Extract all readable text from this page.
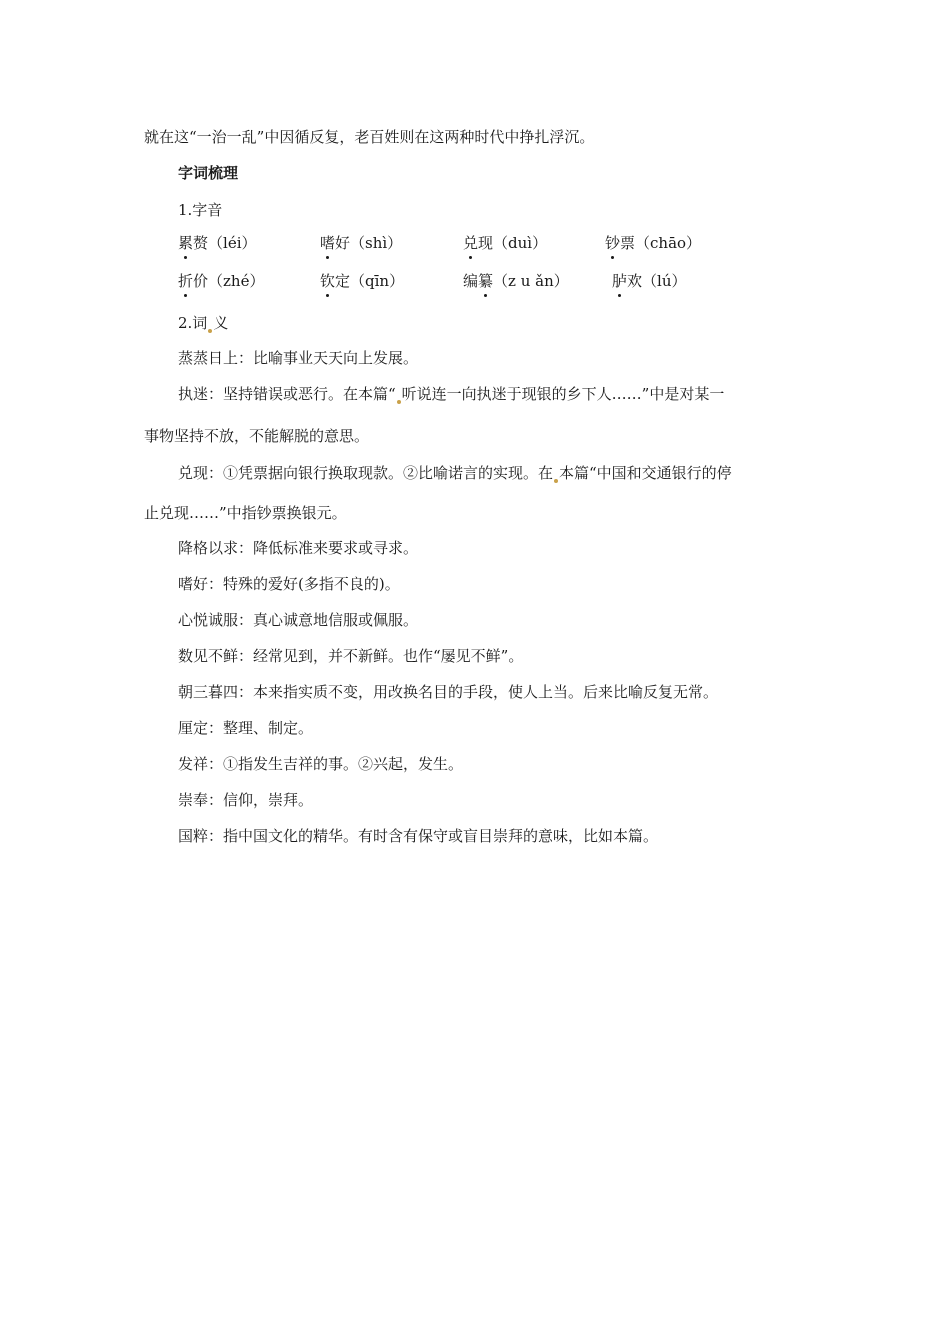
就在这“一治一乱”中因循反复，老百姓则在这两种时代中挣扎浮沉。
字词梳理
1.字音
累赘（léi）	嗜好（shì）	兑现（duì）	钞票（chāo）
折价（zhé）	钦定（qīn）	编纂（z u ǎn）	胪欢（lú）
2.词 义
蒸蒸日上：比喻事业天天向上发展。
执迷：坚持错误或恶行。在本篇“ 听说连一向执迷于现银的乡下人……”中是对某一
事物坚持不放，不能解脱的意思。
兑现：①凭票据向银行换取现款。②比喻诺言的实现。在 本篇“中国和交通银行的停
止兑现……”中指钞票换银元。
降格以求：降低标准来要求或寻求。
嗜好：特殊的爱好(多指不良的)。
心悦诚服：真心诚意地信服或佩服。
数见不鲜：经常见到，并不新鲜。也作“屡见不鲜”。
朝三暮四：本来指实质不变，用改换名目的手段，使人上当。后来比喻反复无常。
厘定：整理、制定。
发祥：①指发生吉祥的事。②兴起，发生。
崇奉：信仰，崇拜。
国粹：指中国文化的精华。有时含有保守或盲目崇拜的意味，比如本篇。
